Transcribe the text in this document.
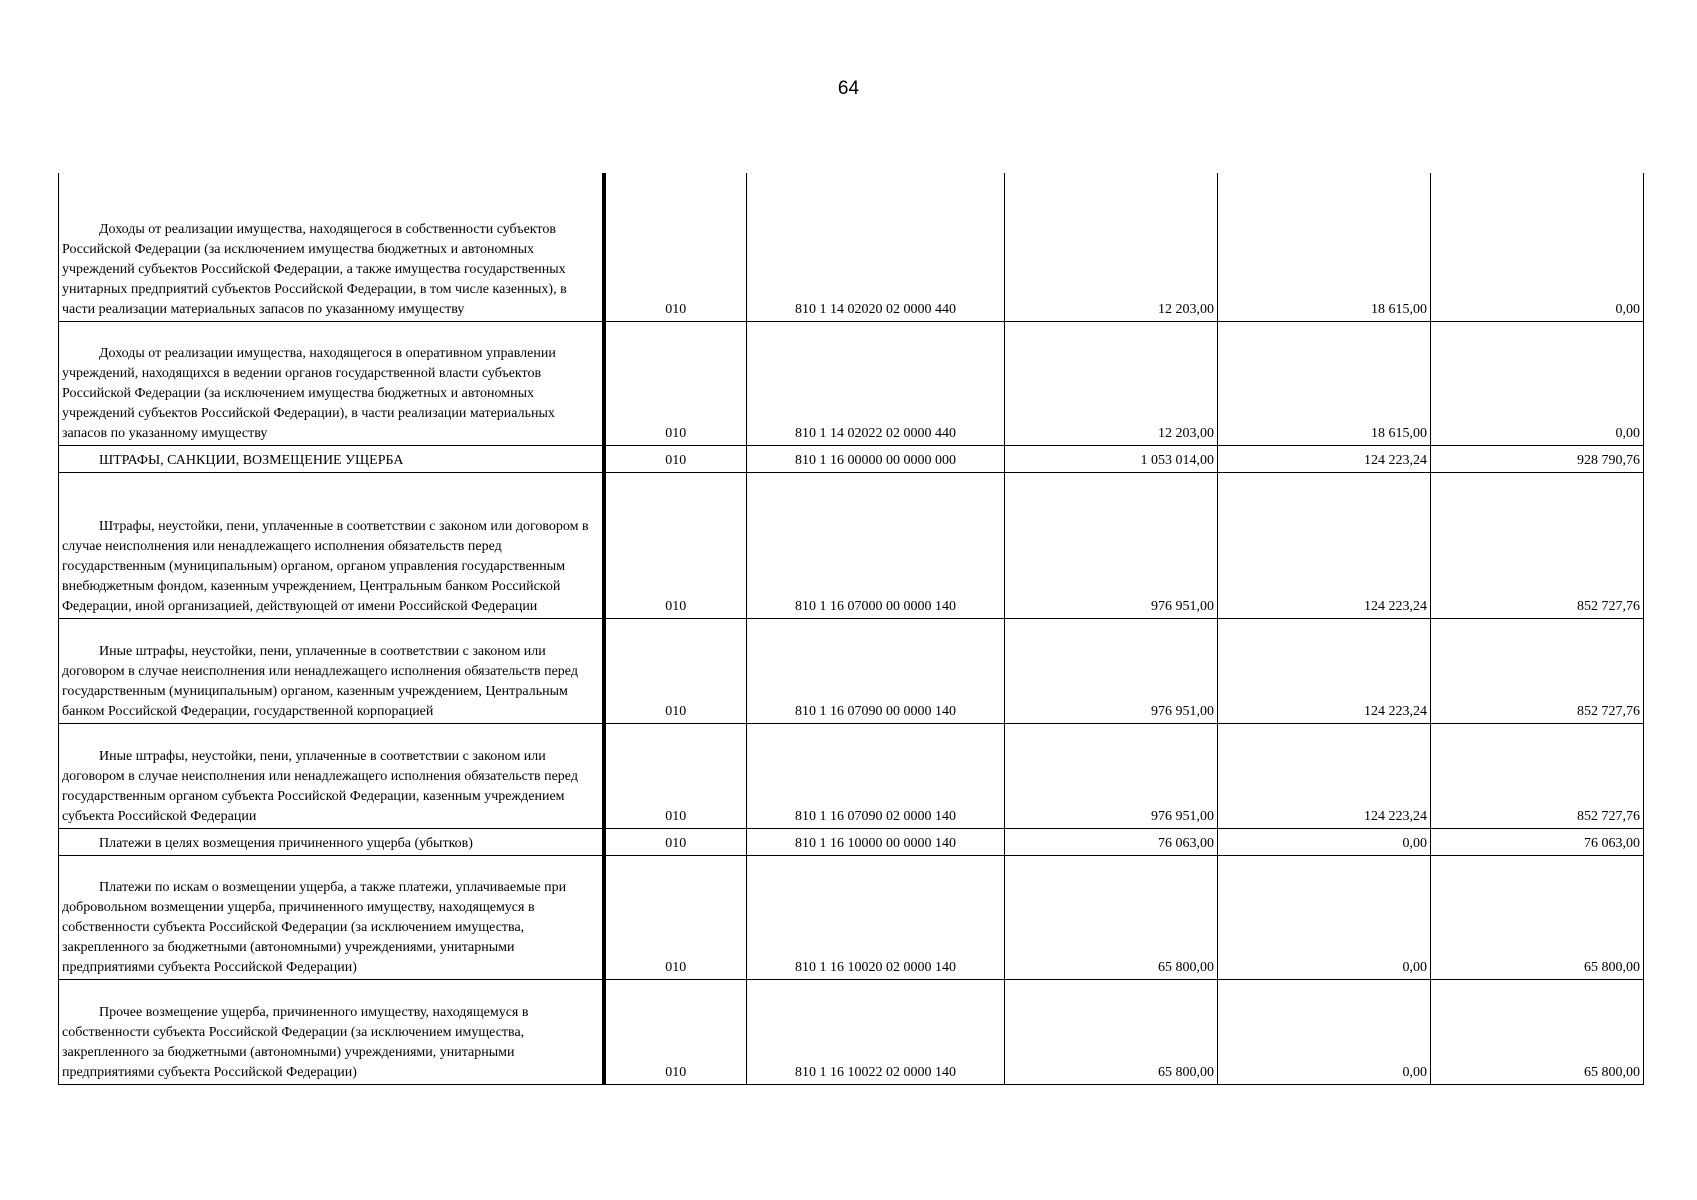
64
Доходы от реализации имущества, находящегося в собственности субъектов Российской Федерации (за исключением имущества бюджетных и автономных учреждений субъектов Российской Федерации, а также имущества государственных унитарных предприятий субъектов Российской Федерации, в том числе казенных), в части реализации материальных запасов по указанному имуществу	010	810 1 14 02020 02 0000 440	12 203,00	18 615,00	0,00
Доходы от реализации имущества, находящегося в оперативном управлении учреждений, находящихся в ведении органов государственной власти субъектов Российской Федерации (за исключением имущества бюджетных и автономных учреждений субъектов Российской Федерации), в части реализации материальных запасов по указанному имуществу	010	810 1 14 02022 02 0000 440	12 203,00	18 615,00	0,00
ШТРАФЫ, САНКЦИИ, ВОЗМЕЩЕНИЕ УЩЕРБА	010	810 1 16 00000 00 0000 000	1 053 014,00	124 223,24	928 790,76
Штрафы, неустойки, пени, уплаченные в соответствии с законом или договором в случае неисполнения или ненадлежащего исполнения обязательств перед государственным (муниципальным) органом, органом управления государственным внебюджетным фондом, казенным учреждением, Центральным банком Российской Федерации, иной организацией, действующей от имени Российской Федерации	010	810 1 16 07000 00 0000 140	976 951,00	124 223,24	852 727,76
Иные штрафы, неустойки, пени, уплаченные в соответствии с законом или договором в случае неисполнения или ненадлежащего исполнения обязательств перед государственным (муниципальным) органом, казенным учреждением, Центральным банком Российской Федерации, государственной корпорацией	010	810 1 16 07090 00 0000 140	976 951,00	124 223,24	852 727,76
Иные штрафы, неустойки, пени, уплаченные в соответствии с законом или договором в случае неисполнения или ненадлежащего исполнения обязательств перед государственным органом субъекта Российской Федерации, казенным учреждением субъекта Российской Федерации	010	810 1 16 07090 02 0000 140	976 951,00	124 223,24	852 727,76
Платежи в целях возмещения причиненного ущерба (убытков)	010	810 1 16 10000 00 0000 140	76 063,00	0,00	76 063,00
Платежи по искам о возмещении ущерба, а также платежи, уплачиваемые при добровольном возмещении ущерба, причиненного имуществу, находящемуся в собственности субъекта Российской Федерации (за исключением имущества, закрепленного за бюджетными (автономными) учреждениями, унитарными предприятиями субъекта Российской Федерации)	010	810 1 16 10020 02 0000 140	65 800,00	0,00	65 800,00
Прочее возмещение ущерба, причиненного имуществу, находящемуся в собственности субъекта Российской Федерации (за исключением имущества, закрепленного за бюджетными (автономными) учреждениями, унитарными предприятиями субъекта Российской Федерации)	010	810 1 16 10022 02 0000 140	65 800,00	0,00	65 800,00
